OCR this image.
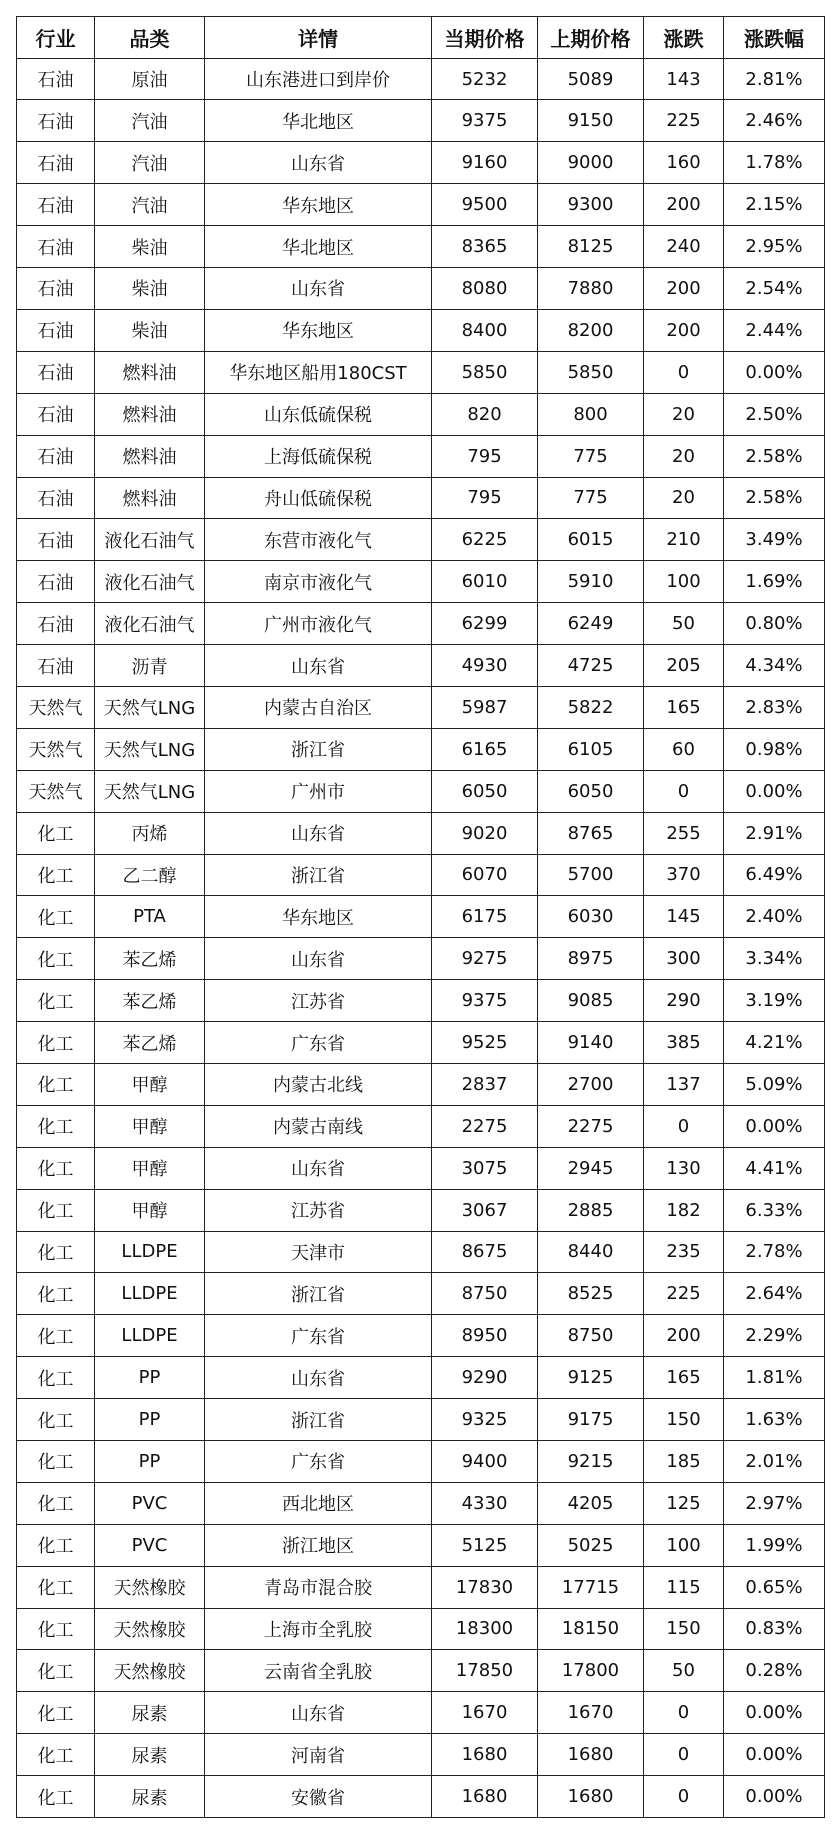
行业	品类	详情	当期价格	上期价格	涨跌	涨跌幅
石油	原油	山东港进口到岸价	5232	5089	143	2.81%
石油	汽油	华北地区	9375	9150	225	2.46%
石油	汽油	山东省	9160	9000	160	1.78%
石油	汽油	华东地区	9500	9300	200	2.15%
石油	柴油	华北地区	8365	8125	240	2.95%
石油	柴油	山东省	8080	7880	200	2.54%
石油	柴油	华东地区	8400	8200	200	2.44%
石油	燃料油	华东地区船用180CST	5850	5850	0	0.00%
石油	燃料油	山东低硫保税	820	800	20	2.50%
石油	燃料油	上海低硫保税	795	775	20	2.58%
石油	燃料油	舟山低硫保税	795	775	20	2.58%
石油	液化石油气	东营市液化气	6225	6015	210	3.49%
石油	液化石油气	南京市液化气	6010	5910	100	1.69%
石油	液化石油气	广州市液化气	6299	6249	50	0.80%
石油	沥青	山东省	4930	4725	205	4.34%
天然气	天然气LNG	内蒙古自治区	5987	5822	165	2.83%
天然气	天然气LNG	浙江省	6165	6105	60	0.98%
天然气	天然气LNG	广州市	6050	6050	0	0.00%
化工	丙烯	山东省	9020	8765	255	2.91%
化工	乙二醇	浙江省	6070	5700	370	6.49%
化工	PTA	华东地区	6175	6030	145	2.40%
化工	苯乙烯	山东省	9275	8975	300	3.34%
化工	苯乙烯	江苏省	9375	9085	290	3.19%
化工	苯乙烯	广东省	9525	9140	385	4.21%
化工	甲醇	内蒙古北线	2837	2700	137	5.09%
化工	甲醇	内蒙古南线	2275	2275	0	0.00%
化工	甲醇	山东省	3075	2945	130	4.41%
化工	甲醇	江苏省	3067	2885	182	6.33%
化工	LLDPE	天津市	8675	8440	235	2.78%
化工	LLDPE	浙江省	8750	8525	225	2.64%
化工	LLDPE	广东省	8950	8750	200	2.29%
化工	PP	山东省	9290	9125	165	1.81%
化工	PP	浙江省	9325	9175	150	1.63%
化工	PP	广东省	9400	9215	185	2.01%
化工	PVC	西北地区	4330	4205	125	2.97%
化工	PVC	浙江地区	5125	5025	100	1.99%
化工	天然橡胶	青岛市混合胶	17830	17715	115	0.65%
化工	天然橡胶	上海市全乳胶	18300	18150	150	0.83%
化工	天然橡胶	云南省全乳胶	17850	17800	50	0.28%
化工	尿素	山东省	1670	1670	0	0.00%
化工	尿素	河南省	1680	1680	0	0.00%
化工	尿素	安徽省	1680	1680	0	0.00%
